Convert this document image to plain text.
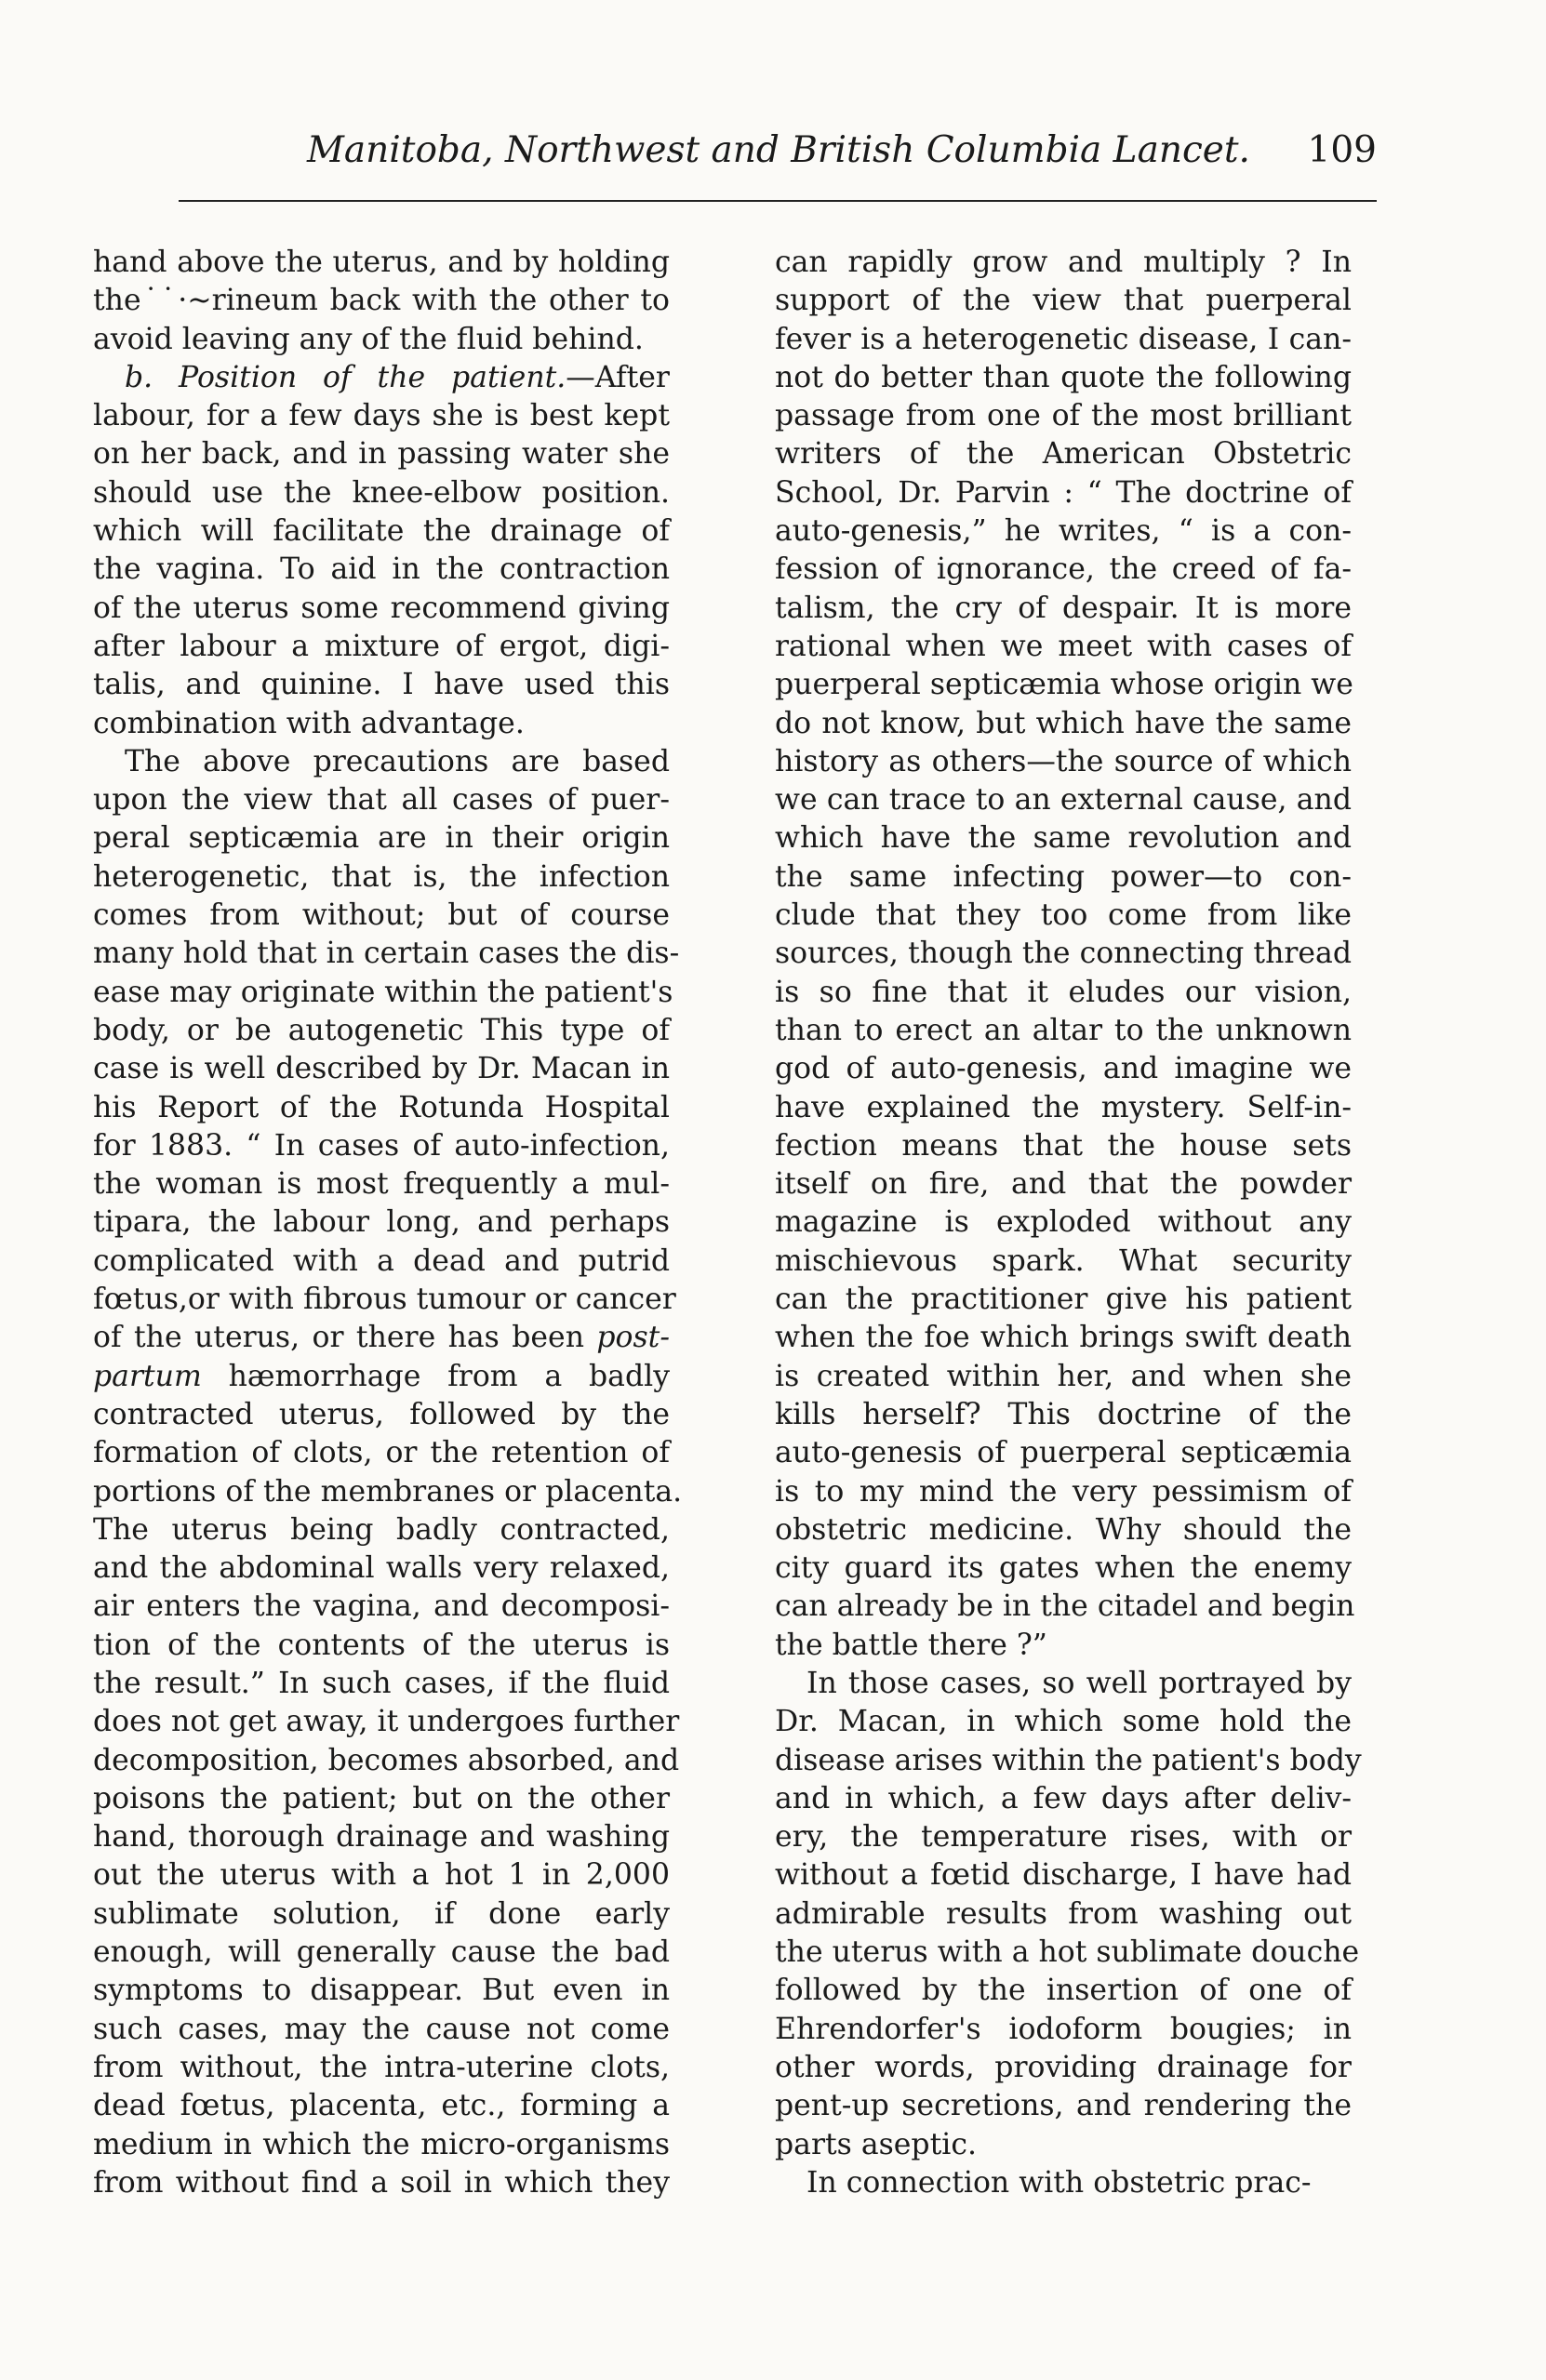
Manitoba, Northwest and British Columbia Lancet. 109
hand above the uterus, and by holding
the˙˙·~rineum back with the other to
avoid leaving any of the fluid behind.
b. Position of the patient.—After
labour, for a few days she is best kept
on her back, and in passing water she
should use the knee-elbow position.
which will facilitate the drainage of
the vagina. To aid in the contraction
of the uterus some recommend giving
after labour a mixture of ergot, digi-
talis, and quinine. I have used this
combination with advantage.
The above precautions are based
upon the view that all cases of puer-
peral septicæmia are in their origin
heterogenetic, that is, the infection
comes from without; but of course
many hold that in certain cases the dis-
ease may originate within the patient's
body, or be autogenetic This type of
case is well described by Dr. Macan in
his Report of the Rotunda Hospital
for 1883. “ In cases of auto-infection,
the woman is most frequently a mul-
tipara, the labour long, and perhaps
complicated with a dead and putrid
fœtus,or with fibrous tumour or cancer
of the uterus, or there has been post-
partum hæmorrhage from a badly
contracted uterus, followed by the
formation of clots, or the retention of
portions of the membranes or placenta.
The uterus being badly contracted,
and the abdominal walls very relaxed,
air enters the vagina, and decomposi-
tion of the contents of the uterus is
the result.” In such cases, if the fluid
does not get away, it undergoes further
decomposition, becomes absorbed, and
poisons the patient; but on the other
hand, thorough drainage and washing
out the uterus with a hot 1 in 2,000
sublimate solution, if done early
enough, will generally cause the bad
symptoms to disappear. But even in
such cases, may the cause not come
from without, the intra-uterine clots,
dead fœtus, placenta, etc., forming a
medium in which the micro-organisms
from without find a soil in which they
can rapidly grow and multiply ? In
support of the view that puerperal
fever is a heterogenetic disease, I can-
not do better than quote the following
passage from one of the most brilliant
writers of the American Obstetric
School, Dr. Parvin : “ The doctrine of
auto-genesis,” he writes, “ is a con-
fession of ignorance, the creed of fa-
talism, the cry of despair. It is more
rational when we meet with cases of
puerperal septicæmia whose origin we
do not know, but which have the same
history as others—the source of which
we can trace to an external cause, and
which have the same revolution and
the same infecting power—to con-
clude that they too come from like
sources, though the connecting thread
is so fine that it eludes our vision,
than to erect an altar to the unknown
god of auto-genesis, and imagine we
have explained the mystery. Self-in-
fection means that the house sets
itself on fire, and that the powder
magazine is exploded without any
mischievous spark. What security
can the practitioner give his patient
when the foe which brings swift death
is created within her, and when she
kills herself? This doctrine of the
auto-genesis of puerperal septicæmia
is to my mind the very pessimism of
obstetric medicine. Why should the
city guard its gates when the enemy
can already be in the citadel and begin
the battle there ?”
In those cases, so well portrayed by
Dr. Macan, in which some hold the
disease arises within the patient's body
and in which, a few days after deliv-
ery, the temperature rises, with or
without a fœtid discharge, I have had
admirable results from washing out
the uterus with a hot sublimate douche
followed by the insertion of one of
Ehrendorfer's iodoform bougies; in
other words, providing drainage for
pent-up secretions, and rendering the
parts aseptic.
In connection with obstetric prac-
